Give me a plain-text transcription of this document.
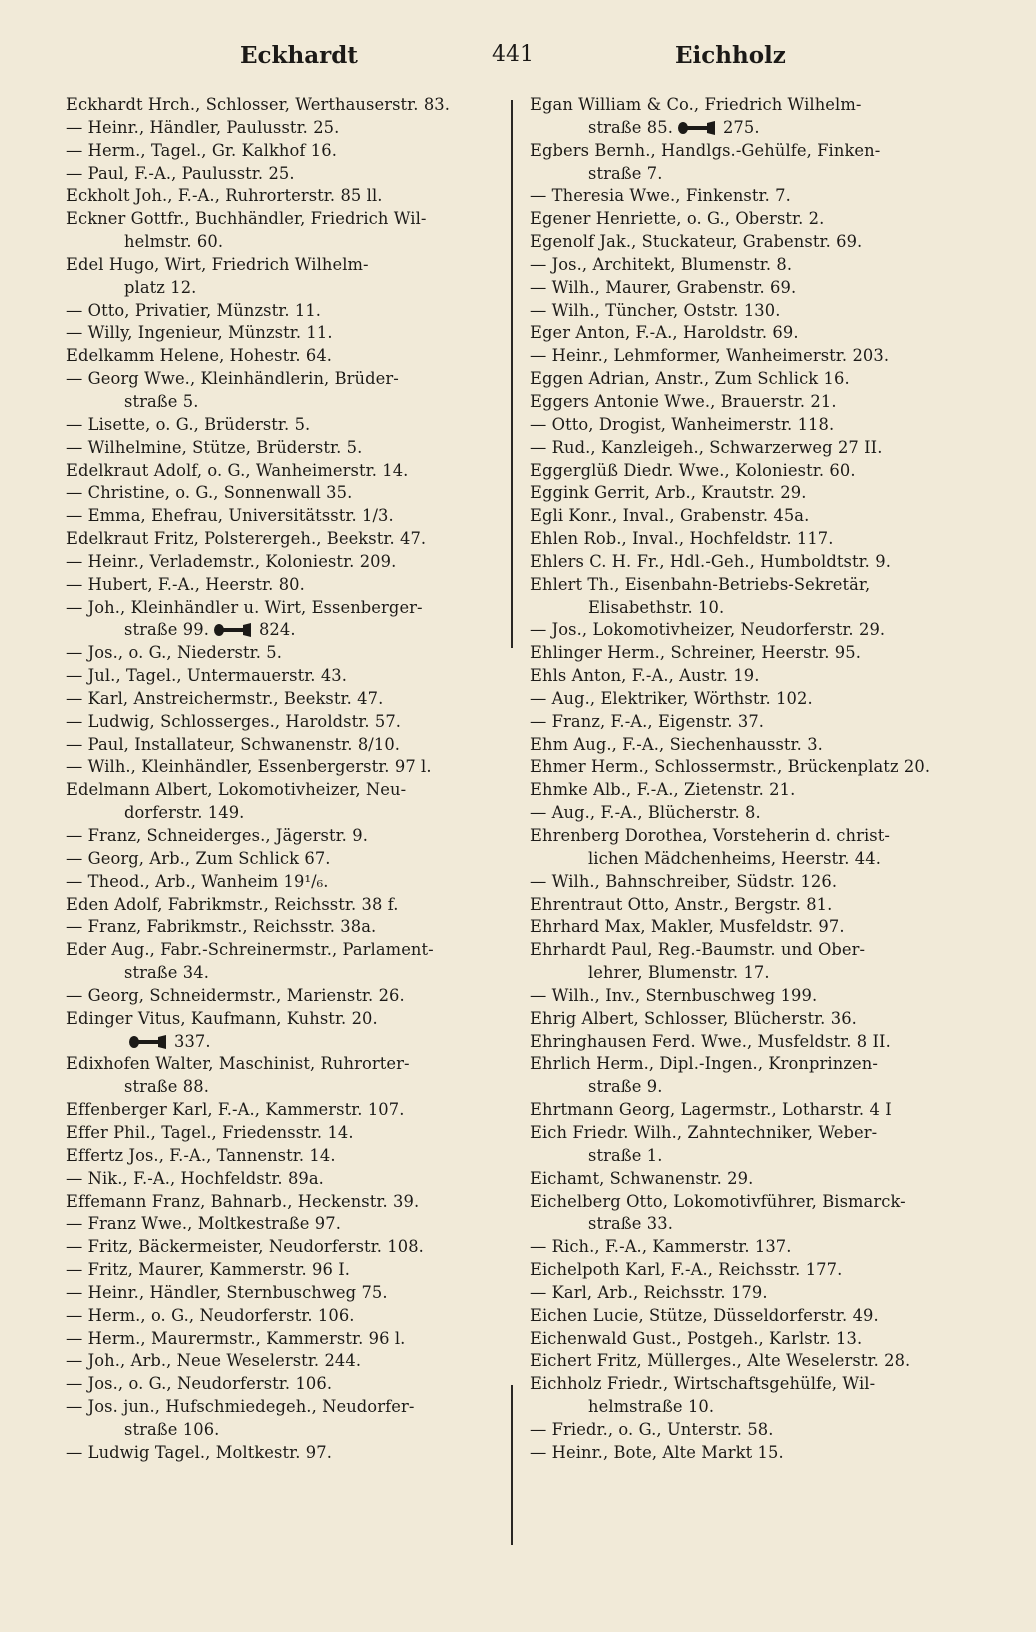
Eckhardt	441	Eichholz
Eckhardt Hrch., Schlosser, Werthauserstr. 83.
— Heinr., Händler, Paulusstr. 25.
— Herm., Tagel., Gr. Kalkhof 16.
— Paul, F.-A., Paulusstr. 25.
Eckholt Joh., F.-A., Ruhrorterstr. 85 ll.
Eckner Gottfr., Buchhändler, Friedrich Wil-
helmstr. 60.
Edel Hugo, Wirt, Friedrich Wilhelm-
platz 12.
— Otto, Privatier, Münzstr. 11.
— Willy, Ingenieur, Münzstr. 11.
Edelkamm Helene, Hohestr. 64.
— Georg Wwe., Kleinhändlerin, Brüder-
straße 5.
— Lisette, o. G., Brüderstr. 5.
— Wilhelmine, Stütze, Brüderstr. 5.
Edelkraut Adolf, o. G., Wanheimerstr. 14.
— Christine, o. G., Sonnenwall 35.
— Emma, Ehefrau, Universitätsstr. 1/3.
Edelkraut Fritz, Polsterergeh., Beekstr. 47.
— Heinr., Verlademstr., Koloniestr. 209.
— Hubert, F.-A., Heerstr. 80.
— Joh., Kleinhändler u. Wirt, Essenberger-
straße 99.	824.
— Jos., o. G., Niederstr. 5.
— Jul., Tagel., Untermauerstr. 43.
— Karl, Anstreichermstr., Beekstr. 47.
— Ludwig, Schlosserges., Haroldstr. 57.
— Paul, Installateur, Schwanenstr. 8/10.
— Wilh., Kleinhändler, Essenbergerstr. 97 l.
Edelmann Albert, Lokomotivheizer, Neu-
dorferstr. 149.
— Franz, Schneiderges., Jägerstr. 9.
— Georg, Arb., Zum Schlick 67.
— Theod., Arb., Wanheim 19¹/₆.
Eden Adolf, Fabrikmstr., Reichsstr. 38 f.
— Franz, Fabrikmstr., Reichsstr. 38a.
Eder Aug., Fabr.-Schreinermstr., Parlament-
straße 34.
— Georg, Schneidermstr., Marienstr. 26.
Edinger Vitus, Kaufmann, Kuhstr. 20.
337.
Edixhofen Walter, Maschinist, Ruhrorter-
straße 88.
Effenberger Karl, F.-A., Kammerstr. 107.
Effer Phil., Tagel., Friedensstr. 14.
Effertz Jos., F.-A., Tannenstr. 14.
— Nik., F.-A., Hochfeldstr. 89a.
Effemann Franz, Bahnarb., Heckenstr. 39.
— Franz Wwe., Moltkestraße 97.
— Fritz, Bäckermeister, Neudorferstr. 108.
— Fritz, Maurer, Kammerstr. 96 I.
— Heinr., Händler, Sternbuschweg 75.
— Herm., o. G., Neudorferstr. 106.
— Herm., Maurermstr., Kammerstr. 96 l.
— Joh., Arb., Neue Weselerstr. 244.
— Jos., o. G., Neudorferstr. 106.
— Jos. jun., Hufschmiedegeh., Neudorfer-
straße 106.
— Ludwig Tagel., Moltkestr. 97.
Egan William & Co., Friedrich Wilhelm-
straße 85.	275.
Egbers Bernh., Handlgs.-Gehülfe, Finken-
straße 7.
— Theresia Wwe., Finkenstr. 7.
Egener Henriette, o. G., Oberstr. 2.
Egenolf Jak., Stuckateur, Grabenstr. 69.
— Jos., Architekt, Blumenstr. 8.
— Wilh., Maurer, Grabenstr. 69.
— Wilh., Tüncher, Oststr. 130.
Eger Anton, F.-A., Haroldstr. 69.
— Heinr., Lehmformer, Wanheimerstr. 203.
Eggen Adrian, Anstr., Zum Schlick 16.
Eggers Antonie Wwe., Brauerstr. 21.
— Otto, Drogist, Wanheimerstr. 118.
— Rud., Kanzleigeh., Schwarzerweg 27 II.
Eggerglüß Diedr. Wwe., Koloniestr. 60.
Eggink Gerrit, Arb., Krautstr. 29.
Egli Konr., Inval., Grabenstr. 45a.
Ehlen Rob., Inval., Hochfeldstr. 117.
Ehlers C. H. Fr., Hdl.-Geh., Humboldtstr. 9.
Ehlert Th., Eisenbahn-Betriebs-Sekretär,
Elisabethstr. 10.
— Jos., Lokomotivheizer, Neudorferstr. 29.
Ehlinger Herm., Schreiner, Heerstr. 95.
Ehls Anton, F.-A., Austr. 19.
— Aug., Elektriker, Wörthstr. 102.
— Franz, F.-A., Eigenstr. 37.
Ehm Aug., F.-A., Siechenhausstr. 3.
Ehmer Herm., Schlossermstr., Brückenplatz 20.
Ehmke Alb., F.-A., Zietenstr. 21.
— Aug., F.-A., Blücherstr. 8.
Ehrenberg Dorothea, Vorsteherin d. christ-
lichen Mädchenheims, Heerstr. 44.
— Wilh., Bahnschreiber, Südstr. 126.
Ehrentraut Otto, Anstr., Bergstr. 81.
Ehrhard Max, Makler, Musfeldstr. 97.
Ehrhardt Paul, Reg.-Baumstr. und Ober-
lehrer, Blumenstr. 17.
— Wilh., Inv., Sternbuschweg 199.
Ehrig Albert, Schlosser, Blücherstr. 36.
Ehringhausen Ferd. Wwe., Musfeldstr. 8 II.
Ehrlich Herm., Dipl.-Ingen., Kronprinzen-
straße 9.
Ehrtmann Georg, Lagermstr., Lotharstr. 4 I
Eich Friedr. Wilh., Zahntechniker, Weber-
straße 1.
Eichamt, Schwanenstr. 29.
Eichelberg Otto, Lokomotivführer, Bismarck-
straße 33.
— Rich., F.-A., Kammerstr. 137.
Eichelpoth Karl, F.-A., Reichsstr. 177.
— Karl, Arb., Reichsstr. 179.
Eichen Lucie, Stütze, Düsseldorferstr. 49.
Eichenwald Gust., Postgeh., Karlstr. 13.
Eichert Fritz, Müllerges., Alte Weselerstr. 28.
Eichholz Friedr., Wirtschaftsgehülfe, Wil-
helmstraße 10.
— Friedr., o. G., Unterstr. 58.
— Heinr., Bote, Alte Markt 15.
